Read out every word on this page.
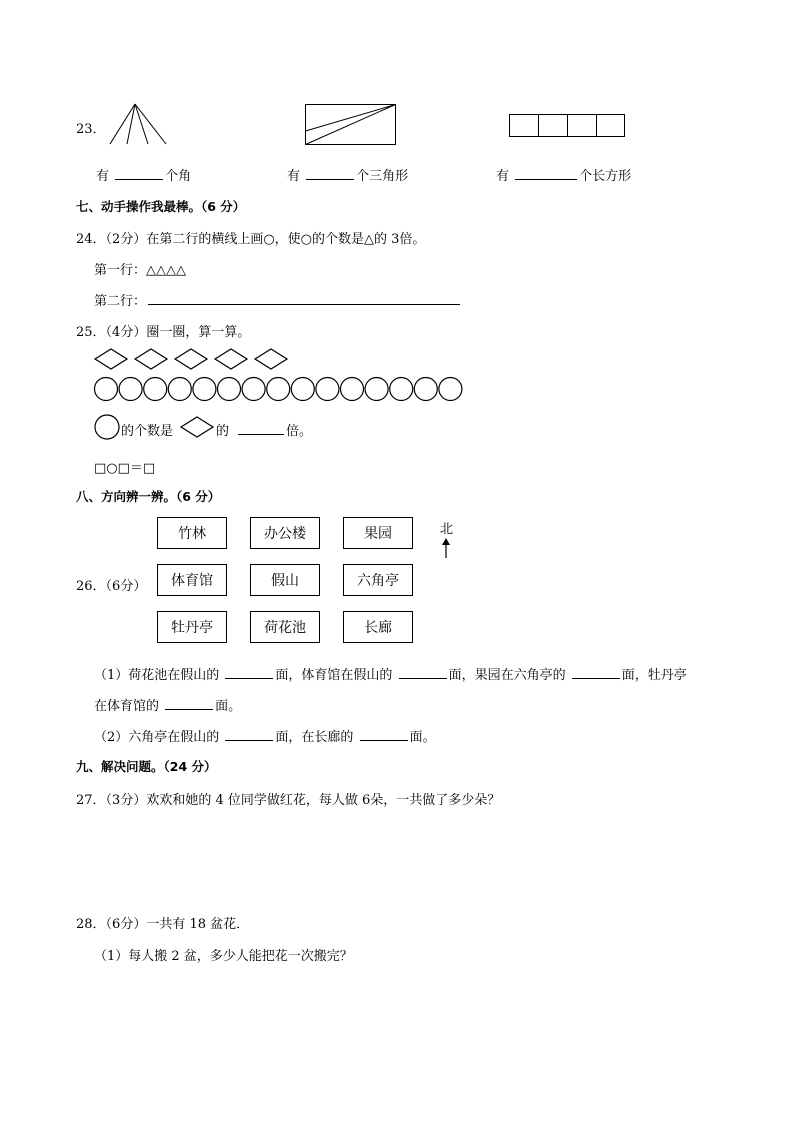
23．
有	个角	有	个三角形	有	个长方形
七、动手操作我最棒。（6 分）
24．（2分）在第二行的横线上画○，使○的个数是△的 3倍。
第一行：△△△△
第二行：
25．（4分）圈一圈，算一算。
的个数是	的	倍。
□○□＝□
八、方向辨一辨。（6 分）
26．（6分）
竹林	办公楼	果园
体育馆	假山	六角亭
牡丹亭	荷花池	长廊
北
（1）荷花池在假山的	面，体育馆在假山的	面，果园在六角亭的	面，牡丹亭
在体育馆的	面。
（2）六角亭在假山的	面，在长廊的	面。
九、解决问题。（24 分）
27．（3分）欢欢和她的 4 位同学做红花，每人做 6朵，一共做了多少朵？
28．（6分）一共有 18 盆花．
（1）每人搬 2 盆，多少人能把花一次搬完？
